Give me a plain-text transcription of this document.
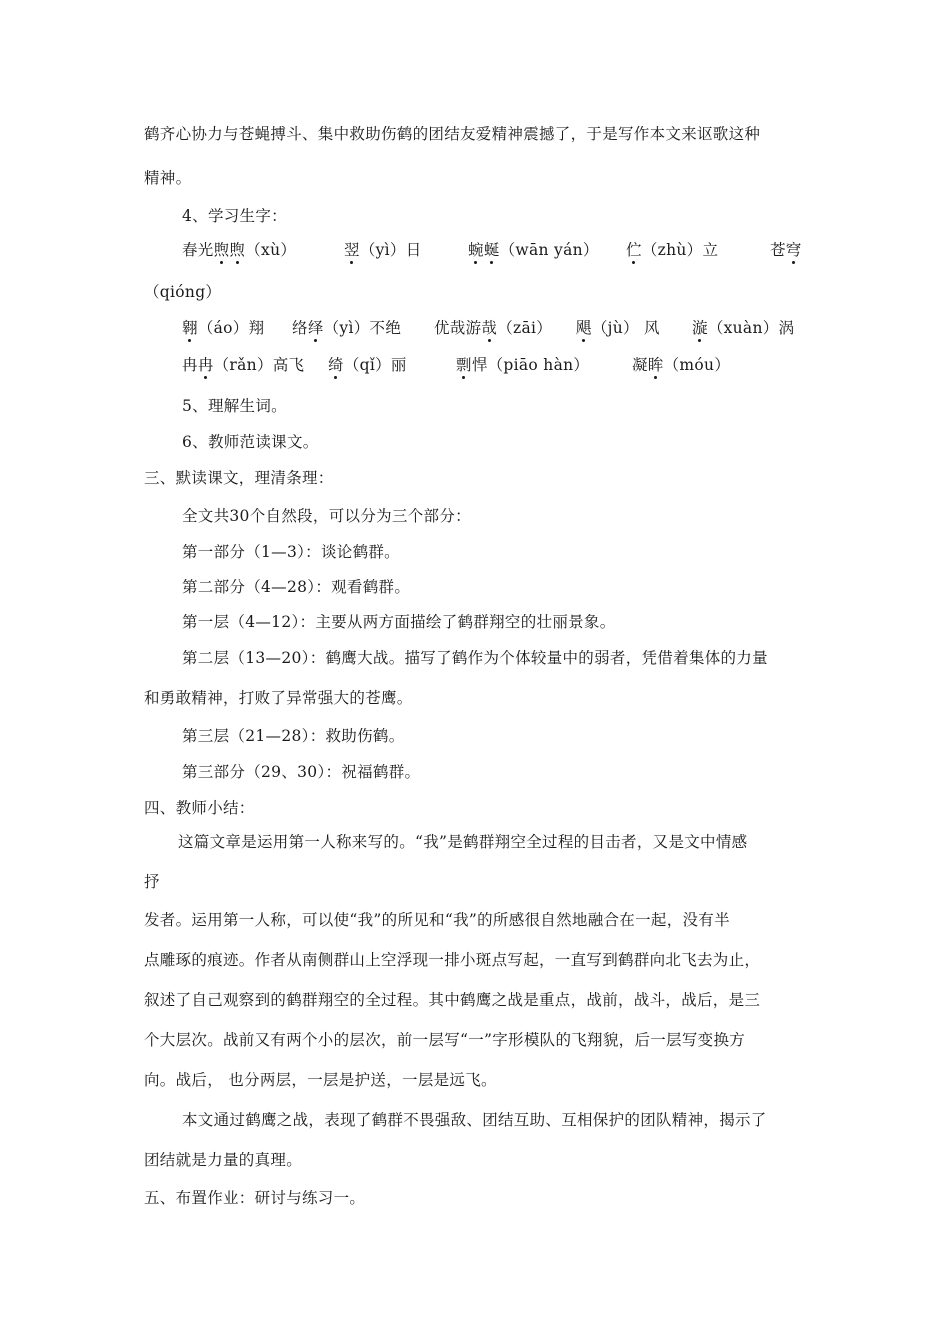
鹤齐心协力与苍蝇搏斗、集中救助伤鹤的团结友爱精神震撼了，于是写作本文来讴歌这种

精神。

4、学习生字：

春光煦煦（xù）	翌（yì）日	蜿蜒（wān yán） 伫（zhù）立	苍穹

（qióng）

翱（áo）翔 络绎（yì）不绝 优哉游哉（zāi） 飓（jù） 风 漩（xuàn）涡

冉冉（rǎn）高飞 绮（qǐ）丽	剽悍（piāo hàn）	凝眸（móu）

5、理解生词。

6、教师范读课文。

三、默读课文，理清条理：

全文共30个自然段，可以分为三个部分：

第一部分（1—3）：谈论鹤群。

第二部分（4—28）：观看鹤群。

第一层（4—12）：主要从两方面描绘了鹤群翔空的壮丽景象。

第二层（13—20）：鹤鹰大战。描写了鹤作为个体较量中的弱者，凭借着集体的力量

和勇敢精神，打败了异常强大的苍鹰。

第三层（21—28）：救助伤鹤。

第三部分（29、30）：祝福鹤群。

四、教师小结：

这篇文章是运用第一人称来写的。“我”是鹤群翔空全过程的目击者，又是文中情感

抒

发者。运用第一人称，可以使“我”的所见和“我”的所感很自然地融合在一起，没有半

点雕琢的痕迹。作者从南侧群山上空浮现一排小斑点写起，一直写到鹤群向北飞去为止，

叙述了自己观察到的鹤群翔空的全过程。其中鹤鹰之战是重点，战前，战斗，战后，是三

个大层次。战前又有两个小的层次，前一层写“一”字形模队的飞翔貌，后一层写变换方

向。战后， 也分两层，一层是护送，一层是远飞。

本文通过鹤鹰之战，表现了鹤群不畏强敌、团结互助、互相保护的团队精神，揭示了

团结就是力量的真理。

五、布置作业：研讨与练习一。
